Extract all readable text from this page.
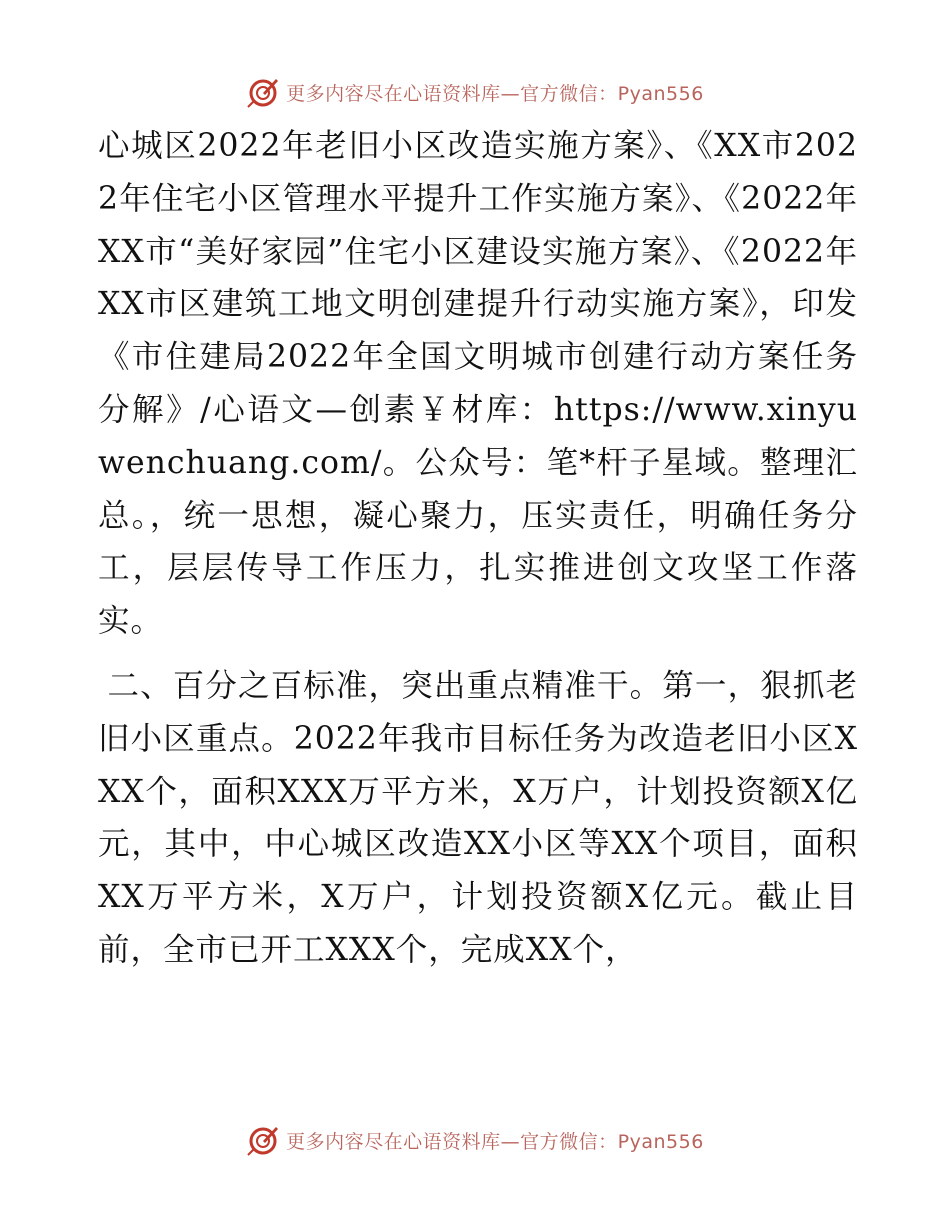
更多内容尽在心语资料库—官方微信：Pyan556

心城区2022年老旧小区改造实施方案》、《XX市2022年住宅小区管理水平提升工作实施方案》、《2022年XX市“美好家园”住宅小区建设实施方案》、《2022年XX市区建筑工地文明创建提升行动实施方案》，印发《市住建局2022年全国文明城市创建行动方案任务分解》/心语文—创素￥材库：https://www.xinyuwenchuang.com/。公众号：笔*杆子星域。整理汇总。，统一思想，凝心聚力，压实责任，明确任务分工，层层传导工作压力，扎实推进创文攻坚工作落实。

二、百分之百标准，突出重点精准干。第一，狠抓老旧小区重点。2022年我市目标任务为改造老旧小区XXX个，面积XXX万平方米，X万户，计划投资额X亿元，其中，中心城区改造XX小区等XX个项目，面积XX万平方米，X万户，计划投资额X亿元。截止目前，全市已开工XXX个，完成XX个，

更多内容尽在心语资料库—官方微信：Pyan556
